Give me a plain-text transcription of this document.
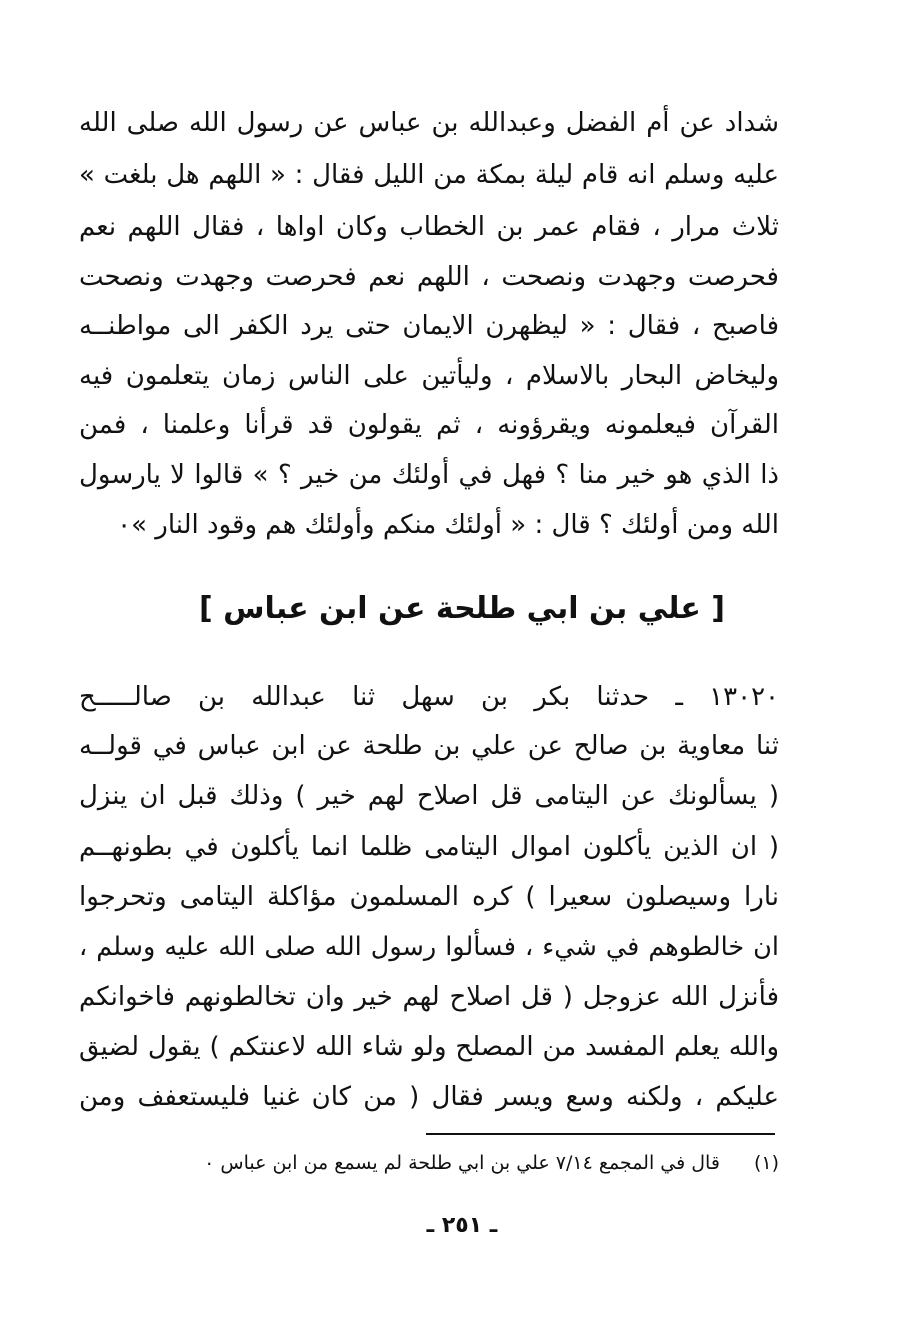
شداد عن أم الفضل وعبدالله بن عباس عن رسول الله صلى الله
عليه وسلم انه قام ليلة بمكة من الليل فقال : « اللهم هل بلغت »
ثلاث مرار ، فقام عمر بن الخطاب وكان اواها ، فقال اللهم نعم
فحرصت وجهدت ونصحت ، اللهم نعم فحرصت وجهدت ونصحت
فاصبح ، فقال : « ليظهرن الايمان حتى يرد الكفر الى مواطنــه
وليخاض البحار بالاسلام ، وليأتين على الناس زمان يتعلمون فيه
القرآن فيعلمونه ويقرؤونه ، ثم يقولون قد قرأنا وعلمنا ، فمن
ذا الذي هو خير منا ؟ فهل في أولئك من خير ؟ » قالوا لا يارسول
الله ومن أولئك ؟ قال : « أولئك منكم وأولئك هم وقود النار »٠
[ علي بن ابي طلحة عن ابن عباس ]
١٣٠٢٠ ـ حدثنا بكر بن سهل ثنا عبدالله بن صالـــــح
ثنا معاوية بن صالح عن علي بن طلحة عن ابن عباس في قولــه
( يسألونك عن اليتامى قل اصلاح لهم خير ) وذلك قبل ان ينزل
( ان الذين يأكلون اموال اليتامى ظلما انما يأكلون في بطونهــم
نارا وسيصلون سعيرا ) كره المسلمون مؤاكلة اليتامى وتحرجوا
ان خالطوهم في شيء ، فسألوا رسول الله صلى الله عليه وسلم ،
فأنزل الله عزوجل ( قل اصلاح لهم خير وان تخالطونهم فاخوانكم
والله يعلم المفسد من المصلح ولو شاء الله لاعنتكم ) يقول لضيق
عليكم ، ولكنه وسع ويسر فقال ( من كان غنيا فليستعفف ومن
(١)قال في المجمع ٧/١٤ علي بن ابي طلحة لم يسمع من ابن عباس ٠
ـ ٢٥١ ـ
